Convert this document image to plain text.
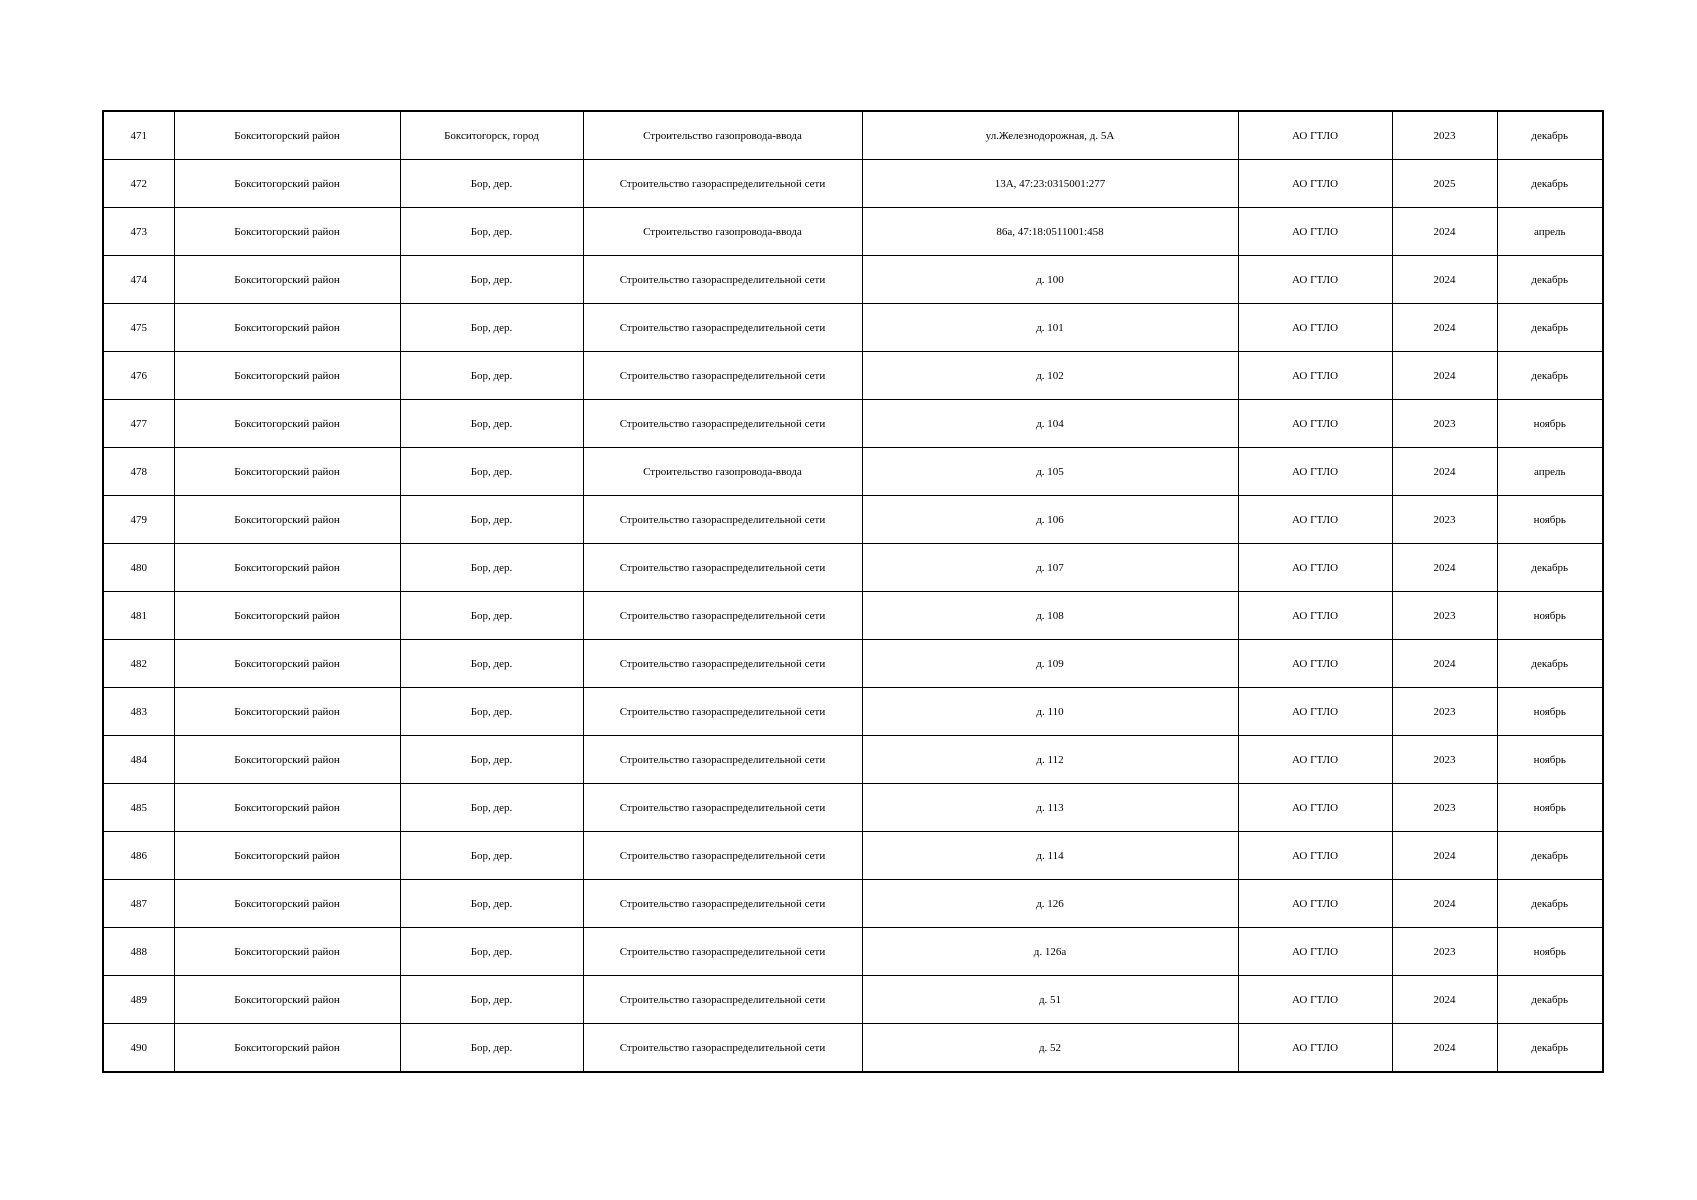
471	Бокситогорский район	Бокситогорск, город	Строительство газопровода-ввода	ул.Железнодорожная, д. 5А	АО ГТЛО	2023	декабрь
472	Бокситогорский район	Бор, дер.	Строительство газораспределительной сети	13А, 47:23:0315001:277	АО ГТЛО	2025	декабрь
473	Бокситогорский район	Бор, дер.	Строительство газопровода-ввода	86а, 47:18:0511001:458	АО ГТЛО	2024	апрель
474	Бокситогорский район	Бор, дер.	Строительство газораспределительной сети	д. 100	АО ГТЛО	2024	декабрь
475	Бокситогорский район	Бор, дер.	Строительство газораспределительной сети	д. 101	АО ГТЛО	2024	декабрь
476	Бокситогорский район	Бор, дер.	Строительство газораспределительной сети	д. 102	АО ГТЛО	2024	декабрь
477	Бокситогорский район	Бор, дер.	Строительство газораспределительной сети	д. 104	АО ГТЛО	2023	ноябрь
478	Бокситогорский район	Бор, дер.	Строительство газопровода-ввода	д. 105	АО ГТЛО	2024	апрель
479	Бокситогорский район	Бор, дер.	Строительство газораспределительной сети	д. 106	АО ГТЛО	2023	ноябрь
480	Бокситогорский район	Бор, дер.	Строительство газораспределительной сети	д. 107	АО ГТЛО	2024	декабрь
481	Бокситогорский район	Бор, дер.	Строительство газораспределительной сети	д. 108	АО ГТЛО	2023	ноябрь
482	Бокситогорский район	Бор, дер.	Строительство газораспределительной сети	д. 109	АО ГТЛО	2024	декабрь
483	Бокситогорский район	Бор, дер.	Строительство газораспределительной сети	д. 110	АО ГТЛО	2023	ноябрь
484	Бокситогорский район	Бор, дер.	Строительство газораспределительной сети	д. 112	АО ГТЛО	2023	ноябрь
485	Бокситогорский район	Бор, дер.	Строительство газораспределительной сети	д. 113	АО ГТЛО	2023	ноябрь
486	Бокситогорский район	Бор, дер.	Строительство газораспределительной сети	д. 114	АО ГТЛО	2024	декабрь
487	Бокситогорский район	Бор, дер.	Строительство газораспределительной сети	д. 126	АО ГТЛО	2024	декабрь
488	Бокситогорский район	Бор, дер.	Строительство газораспределительной сети	д. 126а	АО ГТЛО	2023	ноябрь
489	Бокситогорский район	Бор, дер.	Строительство газораспределительной сети	д. 51	АО ГТЛО	2024	декабрь
490	Бокситогорский район	Бор, дер.	Строительство газораспределительной сети	д. 52	АО ГТЛО	2024	декабрь
